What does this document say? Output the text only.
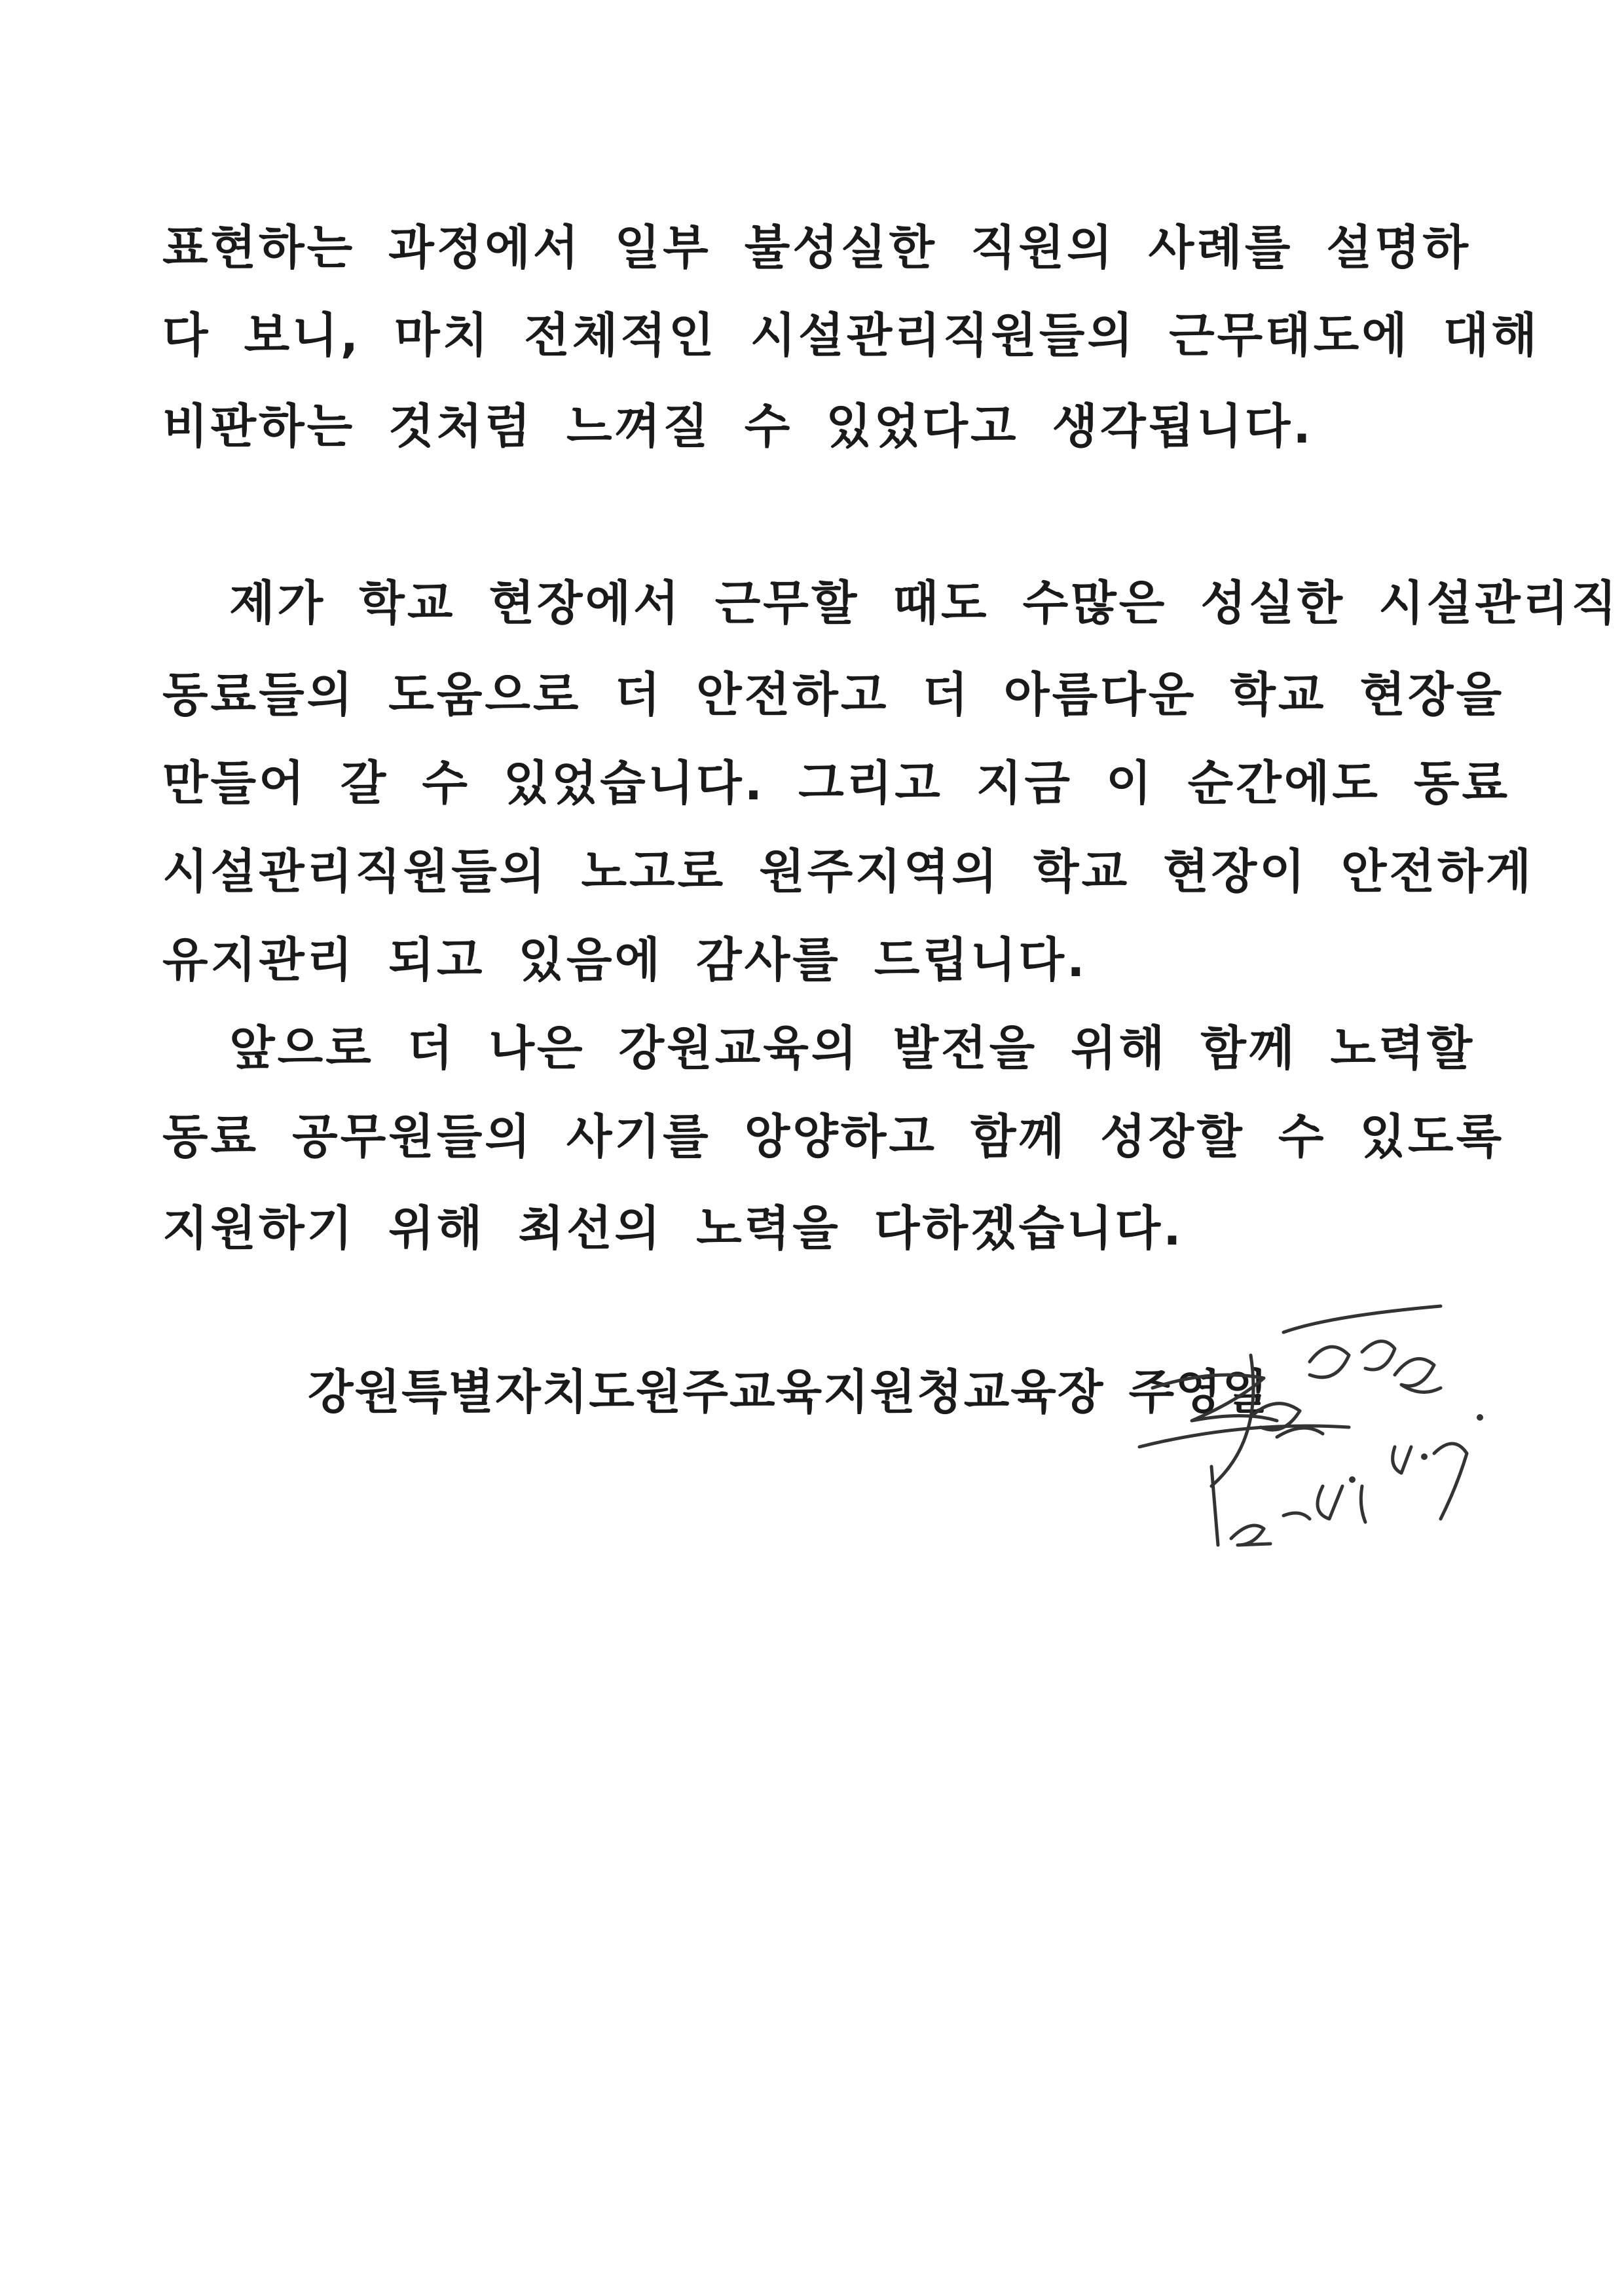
표현하는 과정에서 일부 불성실한 직원의 사례를 설명하
다 보니, 마치 전체적인 시설관리직원들의 근무태도에 대해
비판하는 것처럼 느껴질 수 있었다고 생각됩니다.
제가 학교 현장에서 근무할 때도 수많은 성실한 시설관리직
동료들의 도움으로 더 안전하고 더 아름다운 학교 현장을
만들어 갈 수 있었습니다. 그리고 지금 이 순간에도 동료
시설관리직원들의 노고로 원주지역의 학교 현장이 안전하게
유지관리 되고 있음에 감사를 드립니다.
앞으로 더 나은 강원교육의 발전을 위해 함께 노력할
동료 공무원들의 사기를 앙양하고 함께 성장할 수 있도록
지원하기 위해 최선의 노력을 다하겠습니다.
강원특별자치도원주교육지원청교육장 주영일
